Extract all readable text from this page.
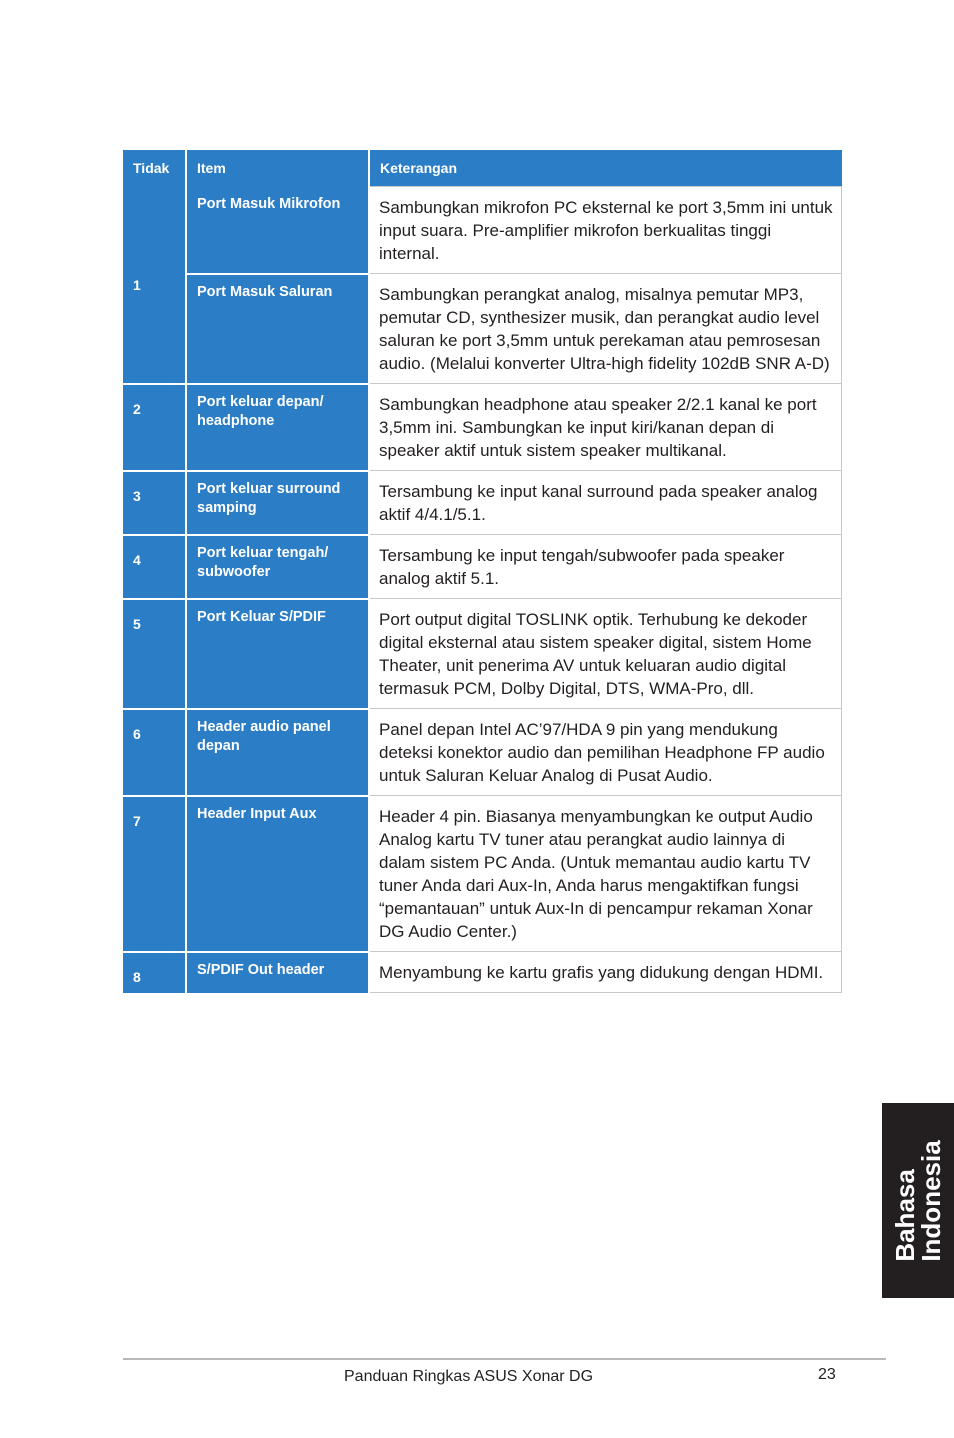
Tidak	Item	Keterangan

1	Port Masuk Mikrofon	Sambungkan mikrofon PC eksternal ke port 3,5mm ini untuk input suara. Pre-amplifier mikrofon berkualitas tinggi internal.

	Port Masuk Saluran	Sambungkan perangkat analog, misalnya pemutar MP3, pemutar CD, synthesizer musik, dan perangkat audio level saluran ke port 3,5mm untuk perekaman atau pemrosesan audio. (Melalui konverter Ultra-high fidelity 102dB SNR A-D)

2	Port keluar depan/ headphone	Sambungkan headphone atau speaker 2/2.1 kanal ke port 3,5mm ini. Sambungkan ke input kiri/kanan depan di speaker aktif untuk sistem speaker multikanal.

3	Port keluar surround samping	Tersambung ke input kanal surround pada speaker analog aktif 4/4.1/5.1.

4	Port keluar tengah/ subwoofer	Tersambung ke input tengah/subwoofer pada speaker analog aktif 5.1.

5	Port Keluar S/PDIF	Port output digital TOSLINK optik. Terhubung ke dekoder digital eksternal atau sistem speaker digital, sistem Home Theater, unit penerima AV untuk keluaran audio digital termasuk PCM, Dolby Digital, DTS, WMA-Pro, dll.

6	Header audio panel depan	Panel depan Intel AC’97/HDA 9 pin yang mendukung deteksi konektor audio dan pemilihan Headphone FP audio untuk Saluran Keluar Analog di Pusat Audio.

7	Header Input Aux	Header 4 pin. Biasanya menyambungkan ke output Audio Analog kartu TV tuner atau perangkat audio lainnya di dalam sistem PC Anda. (Untuk memantau audio kartu TV tuner Anda dari Aux-In, Anda harus mengaktifkan fungsi “pemantauan” untuk Aux-In di pencampur rekaman Xonar DG Audio Center.)

8	S/PDIF Out header	Menyambung ke kartu grafis yang didukung dengan HDMI.
Bahasa
Indonesia
Panduan Ringkas ASUS Xonar DG	23
